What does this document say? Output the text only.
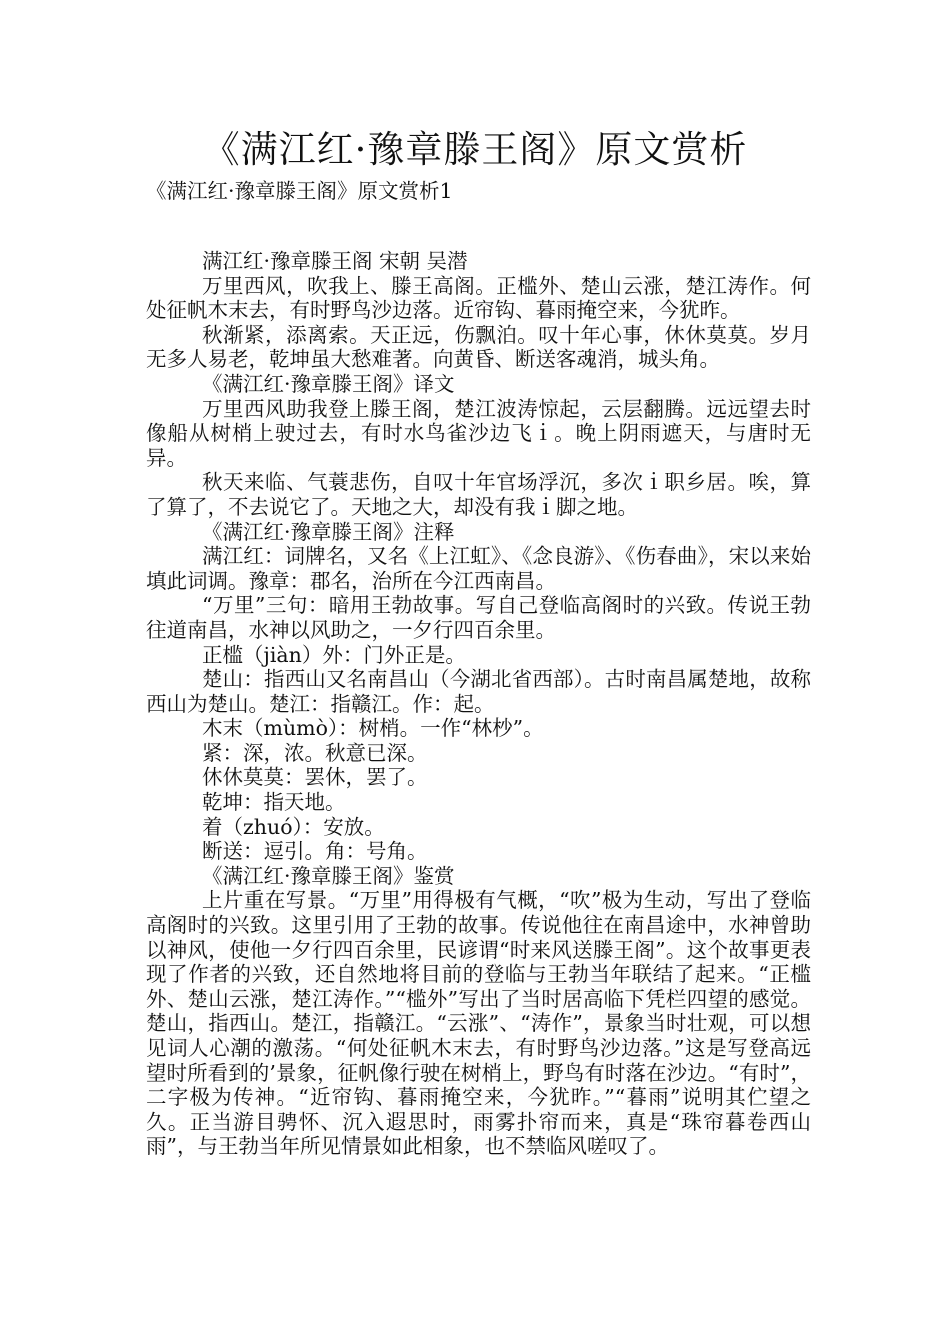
《满江红·豫章滕王阁》原文赏析
《满江红·豫章滕王阁》原文赏析1

满江红·豫章滕王阁 宋朝 吴潜

万里西风，吹我上、滕王高阁。正槛外、楚山云涨，楚江涛作。何处征帆木末去，有时野鸟沙边落。近帘钩、暮雨掩空来，今犹昨。

秋渐紧，添离索。天正远，伤飘泊。叹十年心事，休休莫莫。岁月无多人易老，乾坤虽大愁难著。向黄昏、断送客魂消，城头角。

《满江红·豫章滕王阁》译文

万里西风助我登上滕王阁，楚江波涛惊起，云层翻腾。远远望去时像船从树梢上驶过去，有时水鸟雀沙边飞ｉ。晚上阴雨遮天，与唐时无异。

秋天来临、气蓑悲伤，自叹十年官场浮沉，多次ｉ职乡居。唉，算了算了，不去说它了。天地之大，却没有我ｉ脚之地。

《满江红·豫章滕王阁》注释

满江红：词牌名，又名《上江虹》、《念良游》、《伤春曲》，宋以来始填此词调。豫章：郡名，治所在今江西南昌。

“万里”三句：暗用王勃故事。写自己登临高阁时的兴致。传说王勃往道南昌，水神以风助之，一夕行四百余里。

正槛（jiàn）外：门外正是。

楚山：指西山又名南昌山（今湖北省西部）。古时南昌属楚地，故称西山为楚山。楚江：指赣江。作：起。

木末（mùmò）：树梢。一作“林杪”。

紧：深，浓。秋意已深。

休休莫莫：罢休，罢了。

乾坤：指天地。

着（zhuó）：安放。

断送：逗引。角：号角。

《满江红·豫章滕王阁》鉴赏

上片重在写景。“万里”用得极有气概，“吹”极为生动，写出了登临高阁时的兴致。这里引用了王勃的故事。传说他往在南昌途中，水神曾助以神风，使他一夕行四百余里，民谚谓“时来风送滕王阁”。这个故事更表现了作者的兴致，还自然地将目前的登临与王勃当年联结了起来。“正槛外、楚山云涨，楚江涛作。”“槛外”写出了当时居高临下凭栏四望的感觉。楚山，指西山。楚江，指赣江。“云涨”、“涛作”，景象当时壮观，可以想见词人心潮的激荡。“何处征帆木末去，有时野鸟沙边落。”这是写登高远望时所看到的’景象，征帆像行驶在树梢上，野鸟有时落在沙边。“有时”，二字极为传神。“近帘钩、暮雨掩空来，今犹昨。”“暮雨”说明其伫望之久。正当游目骋怀、沉入遐思时，雨雾扑帘而来，真是“珠帘暮卷西山雨”，与王勃当年所见情景如此相象，也不禁临风嗟叹了。
